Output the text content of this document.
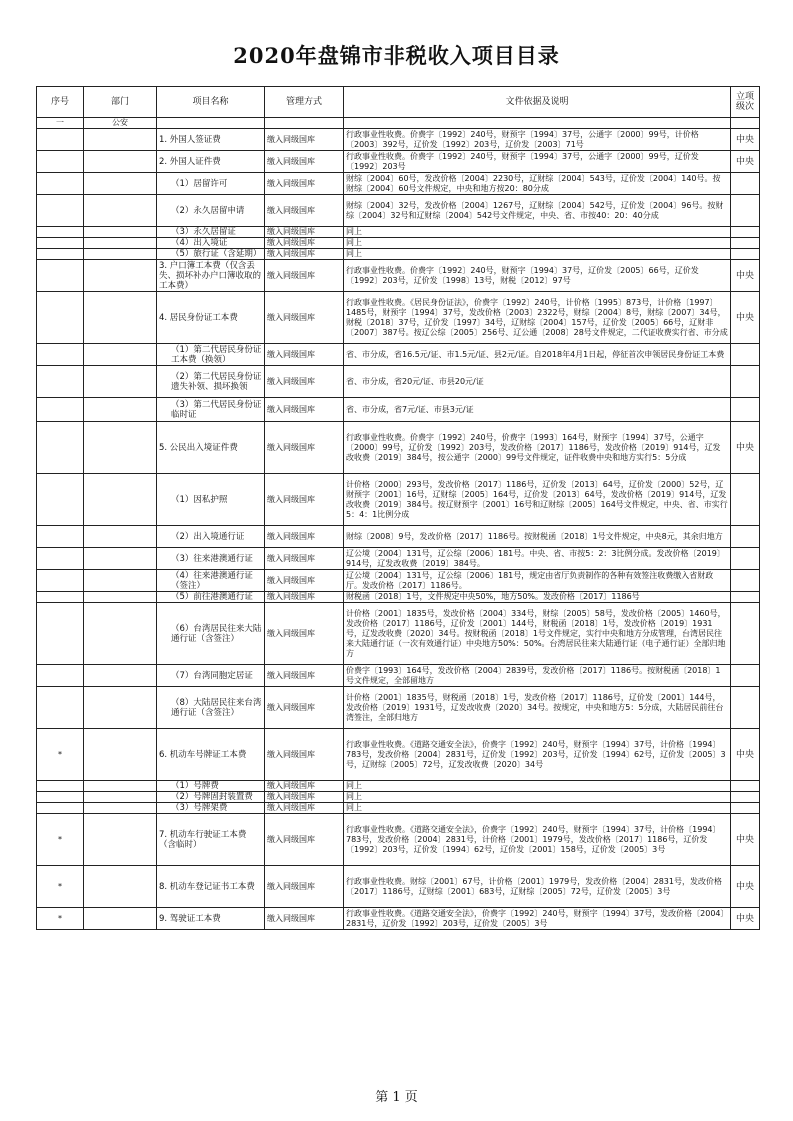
2020年盘锦市非税收入项目目录
序号	部门	项目名称	管理方式	文件依据及说明	立项级次
一	公安				
		1. 外国人签证费	缴入同级国库	行政事业性收费。价费字〔1992〕240号，财预字〔1994〕37号，公通字〔2000〕99号，计价格〔2003〕392号，辽价发〔1992〕203号，辽价发〔2003〕71号	中央
		2. 外国人证件费	缴入同级国库	行政事业性收费。价费字〔1992〕240号，财预字〔1994〕37号，公通字〔2000〕99号，辽价发〔1992〕203号	中央
		（1）居留许可	缴入同级国库	财综〔2004〕60号，发改价格〔2004〕2230号，辽财综〔2004〕543号，辽价发〔2004〕140号。按财综〔2004〕60号文件规定，中央和地方按20：80分成	
		（2）永久居留申请	缴入同级国库	财综〔2004〕32号，发改价格〔2004〕1267号，辽财综〔2004〕542号，辽价发〔2004〕96号。按财综〔2004〕32号和辽财综〔2004〕542号文件规定，中央、省、市按40：20：40分成	
		（3）永久居留证	缴入同级国库	同上	
		（4）出入境证	缴入同级国库	同上	
		（5）旅行证（含延期）	缴入同级国库	同上	
		3. 户口簿工本费（仅含丢失、损坏补办户口簿收取的工本费）	缴入同级国库	行政事业性收费。价费字〔1992〕240号，财预字〔1994〕37号，辽价发〔2005〕66号，辽价发〔1992〕203号，辽价发〔1998〕13号，财税〔2012〕97号	中央
		4. 居民身份证工本费	缴入同级国库	行政事业性收费。《居民身份证法》，价费字〔1992〕240号，计价格〔1995〕873号，计价格〔1997〕1485号，财预字〔1994〕37号，发改价格〔2003〕2322号，财综〔2004〕8号，财综〔2007〕34号，财税〔2018〕37号，辽价发〔1997〕34号，辽财综〔2004〕157号，辽价发〔2005〕66号，辽财非〔2007〕387号。按辽公综〔2005〕256号、辽公通〔2008〕28号文件规定，二代证收费实行省、市分成	中央
		（1）第二代居民身份证工本费（换领）	缴入同级国库	省、市分成，省16.5元/证、市1.5元/证、县2元/证。自2018年4月1日起，停征首次申领居民身份证工本费	
		（2）第二代居民身份证遗失补领、损坏换领	缴入同级国库	省、市分成，省20元/证、市县20元/证	
		（3）第二代居民身份证临时证	缴入同级国库	省、市分成，省7元/证、市县3元/证	
		5. 公民出入境证件费	缴入同级国库	行政事业性收费。价费字〔1992〕240号，价费字〔1993〕164号，财预字〔1994〕37号，公通字〔2000〕99号，辽价发〔1992〕203号，发改价格〔2017〕1186号，发改价格〔2019〕914号，辽发改收费〔2019〕384号，按公通字〔2000〕99号文件规定，证件收费中央和地方实行5：5分成	中央
		（1）因私护照	缴入同级国库	计价格〔2000〕293号，发改价格〔2017〕1186号，辽价发〔2013〕64号，辽价发〔2000〕52号，辽财预字〔2001〕16号，辽财综〔2005〕164号，辽价发〔2013〕64号，发改价格〔2019〕914号，辽发改收费〔2019〕384号。按辽财预字〔2001〕16号和辽财综〔2005〕164号文件规定，中央、省、市实行5：4：1比例分成	
		（2）出入境通行证	缴入同级国库	财综〔2008〕9号，发改价格〔2017〕1186号。按财税函〔2018〕1号文件规定，中央8元，其余归地方	
		（3）往来港澳通行证	缴入同级国库	辽公境〔2004〕131号，辽公综〔2006〕181号。中央、省、市按5：2：3比例分成。发改价格〔2019〕914号，辽发改收费〔2019〕384号。	
		（4）往来港澳通行证（签注）	缴入同级国库	辽公境〔2004〕131号，辽公综〔2006〕181号，规定由省厅负责制作的各种有效签注收费缴入省财政厅。发改价格〔2017〕1186号。	
		（5）前往港澳通行证	缴入同级国库	财税函〔2018〕1号，文件规定中央50%，地方50%。发改价格〔2017〕1186号	
		（6）台湾居民往来大陆通行证（含签注）	缴入同级国库	计价格〔2001〕1835号，发改价格〔2004〕334号，财综〔2005〕58号，发改价格〔2005〕1460号，发改价格〔2017〕1186号，辽价发〔2001〕144号，财税函〔2018〕1号，发改价格〔2019〕1931号，辽发改收费〔2020〕34号。按财税函〔2018〕1号文件规定，实行中央和地方分成管理，台湾居民往来大陆通行证（一次有效通行证）中央地方50%：50%。台湾居民往来大陆通行证（电子通行证）全部归地方	
		（7）台湾同胞定居证	缴入同级国库	价费字〔1993〕164号，发改价格〔2004〕2839号，发改价格〔2017〕1186号。按财税函〔2018〕1号文件规定，全部留地方	
		（8）大陆居民往来台湾通行证（含签注）	缴入同级国库	计价格〔2001〕1835号，财税函〔2018〕1号，发改价格〔2017〕1186号，辽价发〔2001〕144号，发改价格〔2019〕1931号，辽发改收费〔2020〕34号。按规定，中央和地方5：5分成，大陆居民前往台湾签注，全部归地方	
*		6. 机动车号牌证工本费	缴入同级国库	行政事业性收费。《道路交通安全法》，价费字〔1992〕240号，财预字〔1994〕37号，计价格〔1994〕783号，发改价格〔2004〕2831号，辽价发〔1992〕203号，辽价发〔1994〕62号，辽价发〔2005〕3号，辽财综〔2005〕72号，辽发改收费〔2020〕34号	中央
		（1）号牌费	缴入同级国库	同上	
		（2）号牌固封装置费	缴入同级国库	同上	
		（3）号牌架费	缴入同级国库	同上	
*		7. 机动车行驶证工本费（含临时）	缴入同级国库	行政事业性收费。《道路交通安全法》，价费字〔1992〕240号，财预字〔1994〕37号，计价格〔1994〕783号，发改价格〔2004〕2831号，计价格〔2001〕1979号，发改价格〔2017〕1186号，辽价发〔1992〕203号，辽价发〔1994〕62号，辽价发〔2001〕158号，辽价发〔2005〕3号	中央
*		8. 机动车登记证书工本费	缴入同级国库	行政事业性收费。财综〔2001〕67号，计价格〔2001〕1979号，发改价格〔2004〕2831号，发改价格〔2017〕1186号，辽财综〔2001〕683号，辽财综〔2005〕72号，辽价发〔2005〕3号	中央
*		9. 驾驶证工本费	缴入同级国库	行政事业性收费。《道路交通安全法》，价费字〔1992〕240号，财预字〔1994〕37号，发改价格〔2004〕2831号，辽价发〔1992〕203号，辽价发〔2005〕3号	中央
第 1 页
